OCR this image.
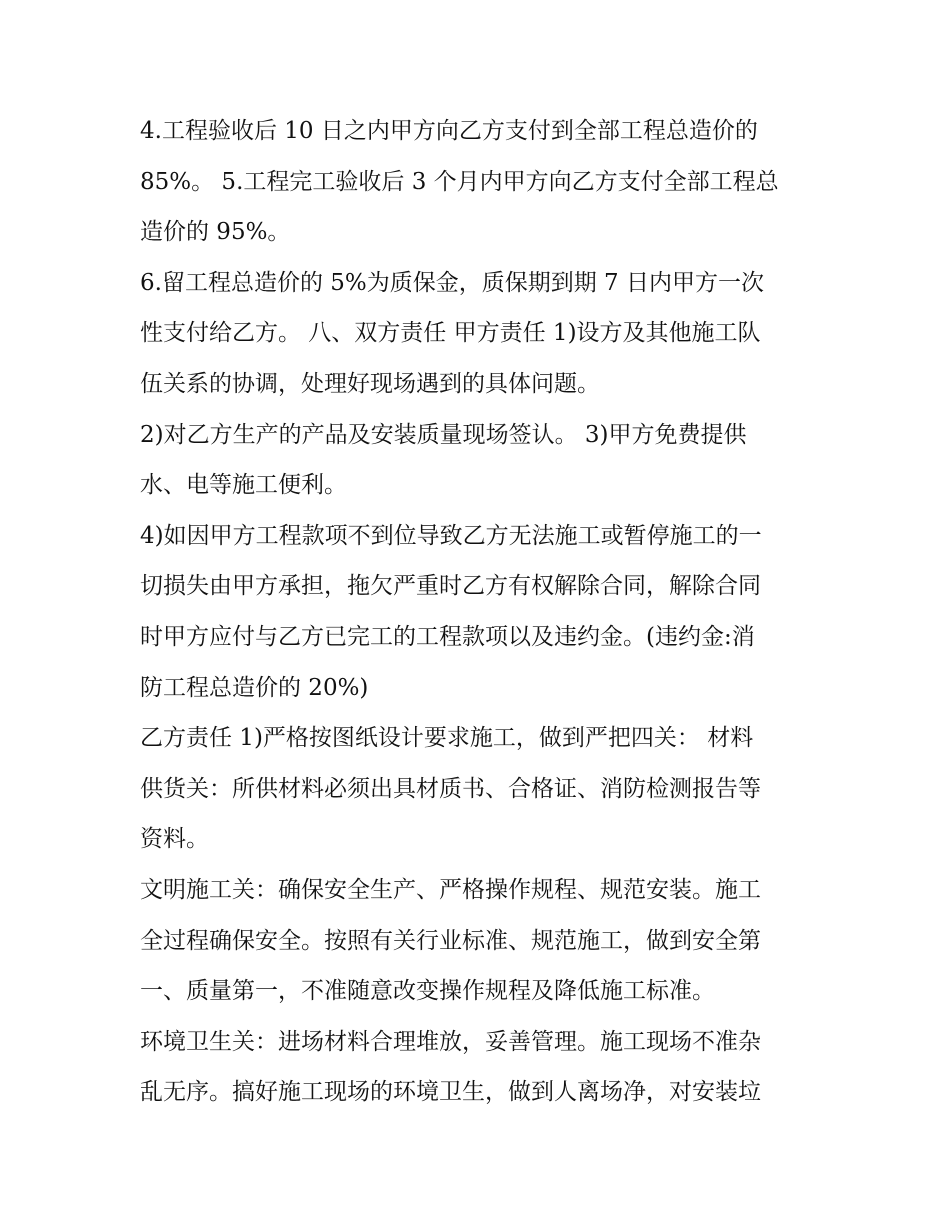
4.工程验收后 10 日之内甲方向乙方支付到全部工程总造价的

85%。 5.工程完工验收后 3 个月内甲方向乙方支付全部工程总

造价的 95%。

6.留工程总造价的 5%为质保金，质保期到期 7 日内甲方一次

性支付给乙方。 八、双方责任 甲方责任 1)设方及其他施工队

伍关系的协调，处理好现场遇到的具体问题。

2)对乙方生产的产品及安装质量现场签认。 3)甲方免费提供

水、电等施工便利。

4)如因甲方工程款项不到位导致乙方无法施工或暂停施工的一

切损失由甲方承担，拖欠严重时乙方有权解除合同，解除合同

时甲方应付与乙方已完工的工程款项以及违约金。(违约金:消

防工程总造价的 20%)

乙方责任 1)严格按图纸设计要求施工，做到严把四关： 材料

供货关：所供材料必须出具材质书、合格证、消防检测报告等

资料。

文明施工关：确保安全生产、严格操作规程、规范安装。施工

全过程确保安全。按照有关行业标准、规范施工，做到安全第

一、质量第一，不准随意改变操作规程及降低施工标准。

环境卫生关：进场材料合理堆放，妥善管理。施工现场不准杂

乱无序。搞好施工现场的环境卫生，做到人离场净，对安装垃
